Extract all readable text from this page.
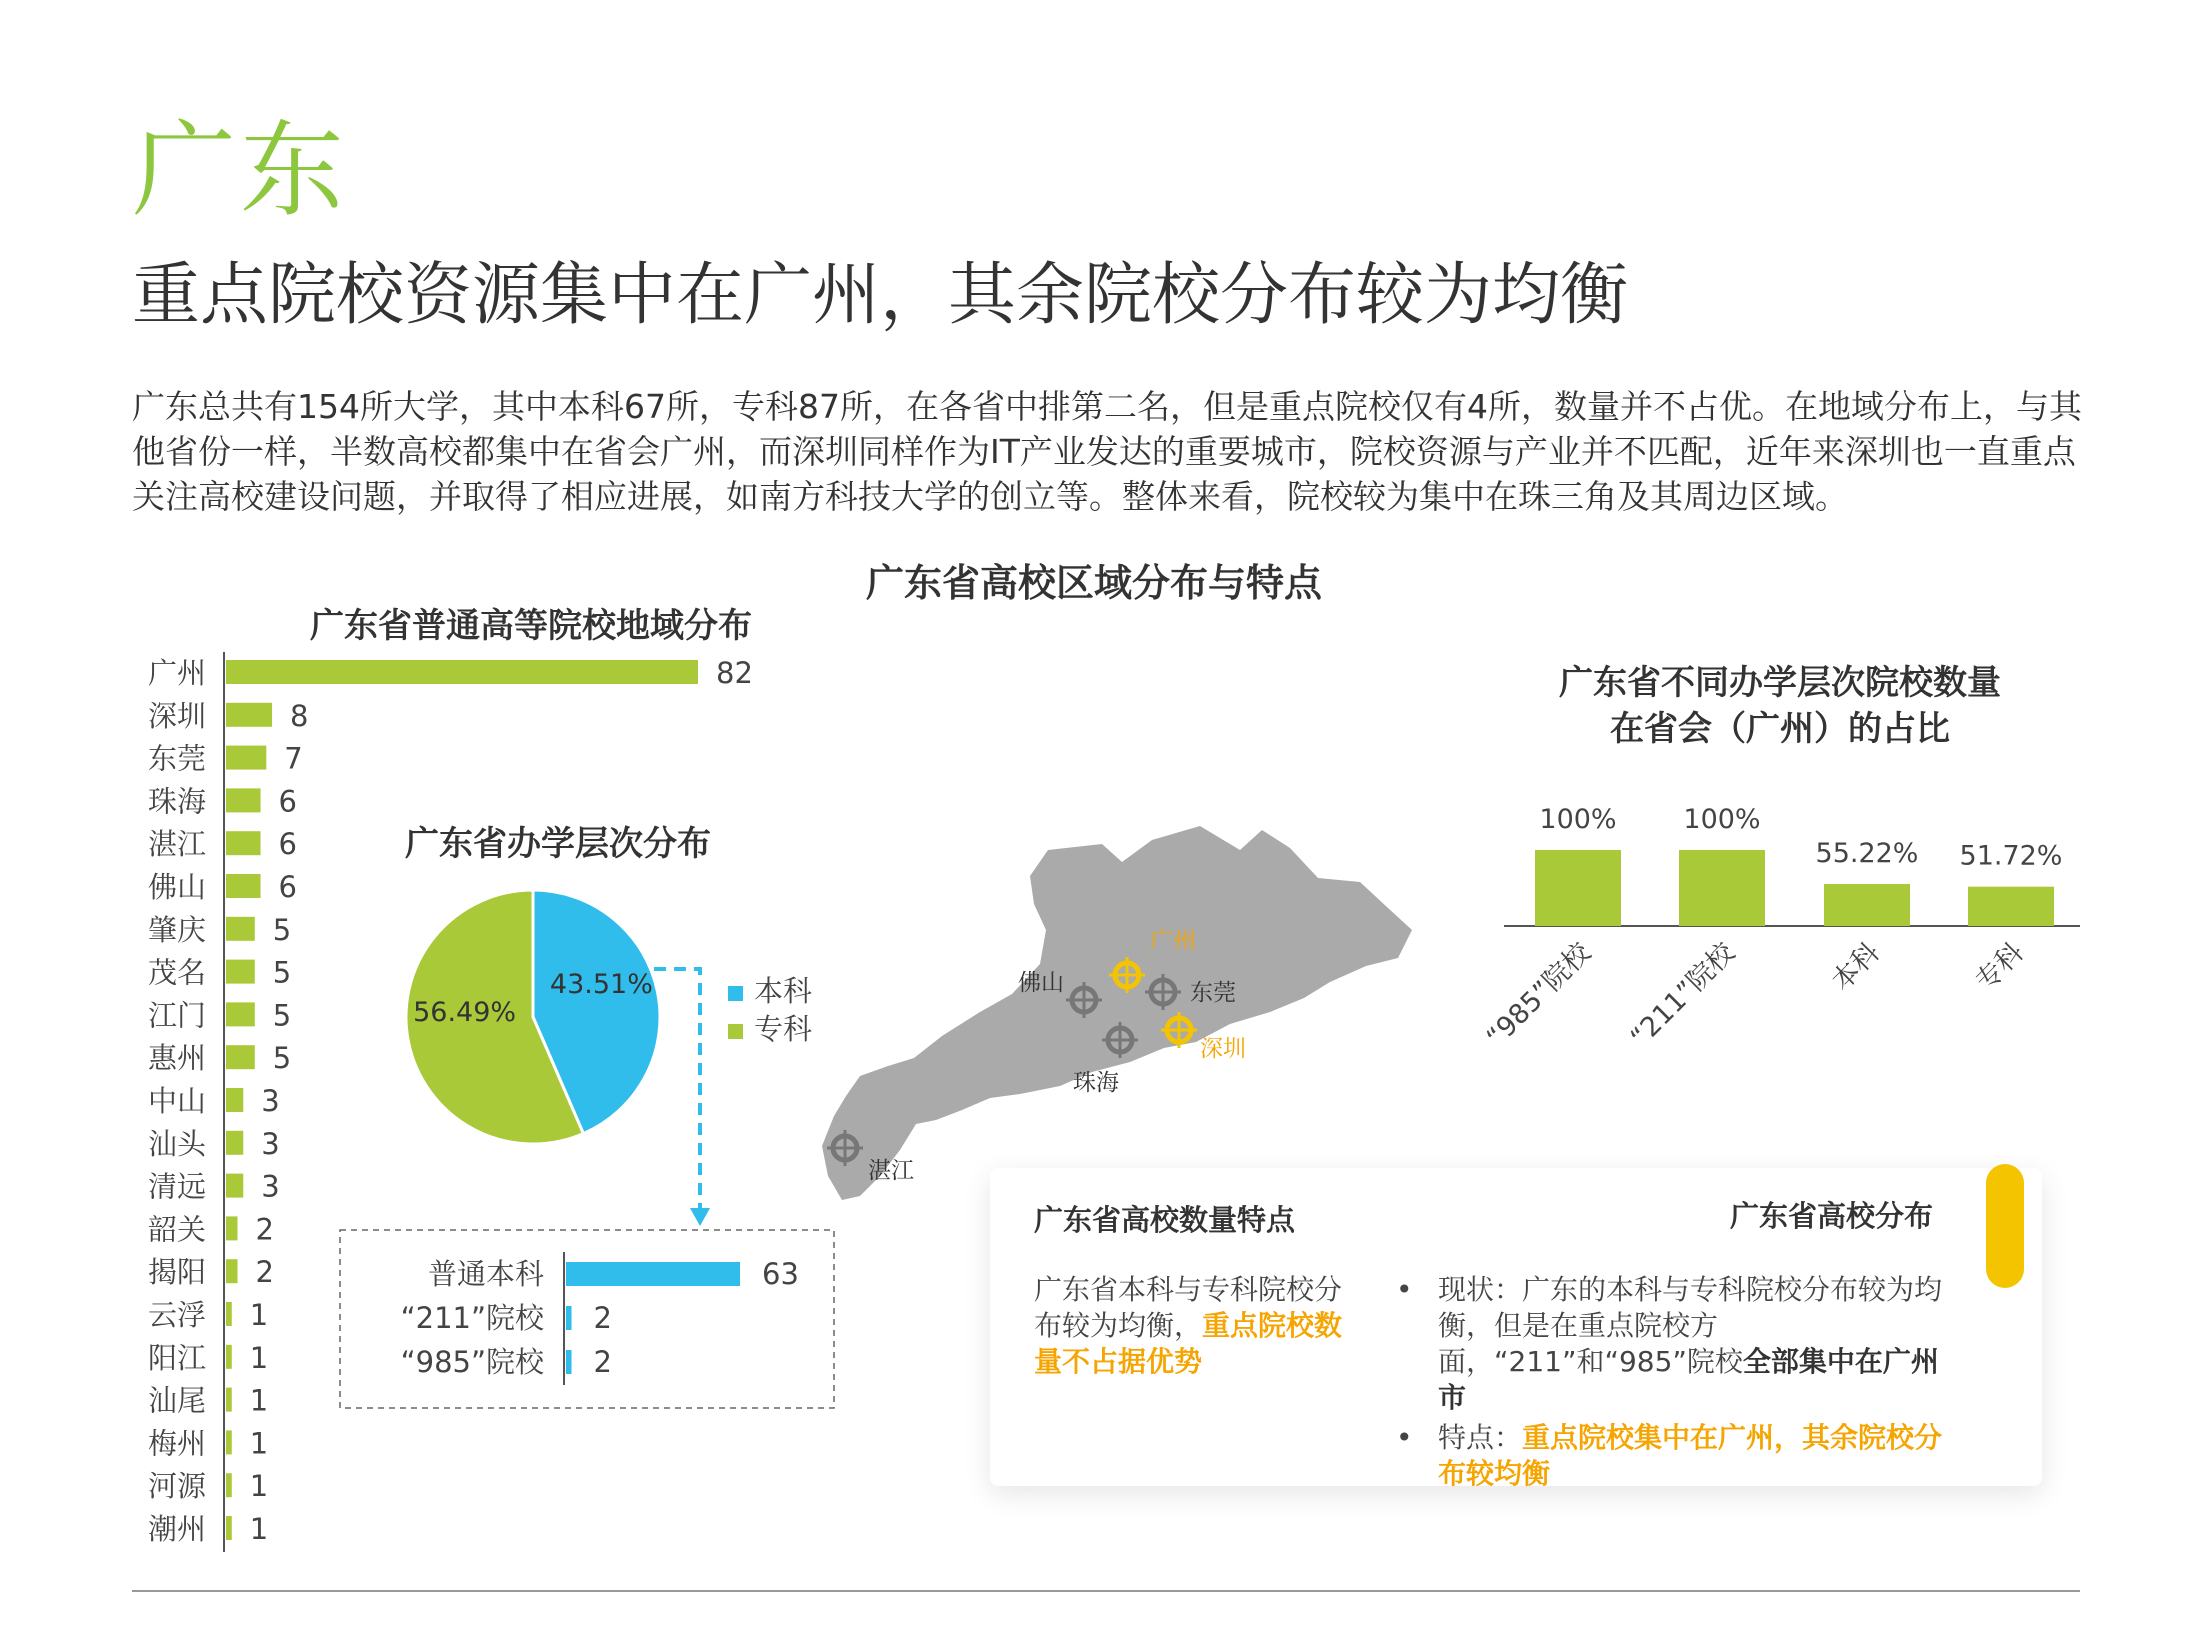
广东
重点院校资源集中在广州，其余院校分布较为均衡
广东总共有154所大学，其中本科67所，专科87所，在各省中排第二名，但是重点院校仅有4所，数量并不占优。在地域分布上，与其他省份一样，半数高校都集中在省会广州，而深圳同样作为IT产业发达的重要城市，院校资源与产业并不匹配，近年来深圳也一直重点关注高校建设问题，并取得了相应进展，如南方科技大学的创立等。整体来看，院校较为集中在珠三角及其周边区域。
广东省高校区域分布与特点
广东省普通高等院校地域分布
广东省办学层次分布
广东省不同办学层次院校数量
在省会（广州）的占比
广东省高校数量特点	广东省高校分布
广东省本科与专科院校分布较为均衡，重点院校数量不占据优势
• 现状：广东的本科与专科院校分布较为均衡，但是在重点院校方面，“211”和“985”院校全部集中在广州市
• 特点：重点院校集中在广州，其余院校分布较均衡
广州	82
深圳	8
东莞	7
珠海	6
湛江	6
佛山	6
肇庆 5
茂名 5
江门 5
惠州 5
中山 3
汕头 3
清远 3
韶关 2
揭阳 2
云浮 1
阳江 1
汕尾 1
梅州 1
河源 1
潮州 1
43.51%
56.49%
本科
专科
普通本科	63
“211”院校 2
“985”院校 2
100%
“985”院校
100%
“211”院校
55.22%
本科
51.72%
专科
广州
佛山	东莞
深圳
珠海
湛江
